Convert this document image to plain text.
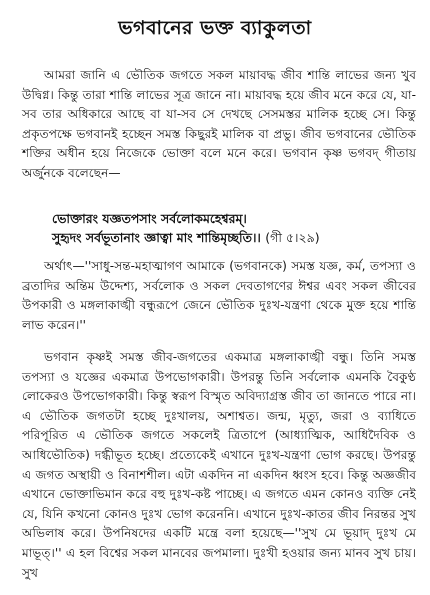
ভগবানের ভক্ত ব্যাকুলতা

আমরা জানি এ ভৌতিক জগতে সকল মায়াবদ্ধ জীব শান্তি লাভের জন্য খুব উদ্বিগ্ন। কিন্তু তারা শান্তি লাভের সূত্র জানে না। মায়াবদ্ধ হয়ে জীব মনে করে যে, যা-সব তার অধিকারে আছে বা যা-সব সে দেখছে সেসমস্তর মালিক হচ্ছে সে। কিন্তু প্রকৃতপক্ষে ভগবানই হচ্ছেন সমস্ত কিছুরই মালিক বা প্রভু। জীব ভগবানের ভৌতিক শক্তির অধীন হয়ে নিজেকে ভোক্তা বলে মনে করে। ভগবান কৃষ্ণ ভগবদ্ গীতায় অর্জুনকে বলেছেন—

ভোক্তারং যজ্ঞতপসাং সর্বলোকমহেশ্বরম্।

সুহৃদং সর্বভূতানাং জ্ঞাত্বা মাং শান্তিমৃচ্ছতি।। (গী ৫।২৯)

অর্থাৎ—''সাধু-সন্ত-মহাত্মাগণ আমাকে (ভগবানকে) সমস্ত যজ্ঞ, কর্ম, তপস্যা ও ব্রতাদির অন্তিম উদ্দেশ্য, সর্বলোক ও সকল দেবতাগণের ঈশ্বর এবং সকল জীবের উপকারী ও মঙ্গলাকাঙ্খী বন্ধুরূপে জেনে ভৌতিক দুঃখ-যন্ত্রণা থেকে মুক্ত হয়ে শান্তি লাভ করেন।''

ভগবান কৃষ্ণই সমস্ত জীব-জগতের একমাত্র মঙ্গলাকাঙ্খী বন্ধু। তিনি সমস্ত তপস্যা ও যজ্ঞের একমাত্র উপভোগকারী। উপরন্তু তিনি সর্বলোক এমনকি বৈকুণ্ঠ লোকেরও উপভোগকারী। কিন্তু স্বরূপ বিস্মৃত অবিদ্যাগ্রস্ত জীব তা জানতে পারে না। এ ভৌতিক জগতটা হচ্ছে দুঃখালয়, অশাশ্বত। জন্ম, মৃত্যু, জরা ও ব্যাধিতে পরিপূরিত এ ভৌতিক জগতে সকলেই ত্রিতাপে (আধ্যাত্মিক, আধিদৈবিক ও আধিভৌতিক) দগ্ধীভূত হচ্ছে। প্রত্যেকেই এখানে দুঃখ-যন্ত্রণা ভোগ করছে। উপরন্তু এ জগত অস্থায়ী ও বিনাশশীল। এটা একদিন না একদিন ধ্বংস হবে। কিন্তু অজ্ঞজীব এখানে ভোক্তাভিমান করে বহু দুঃখ-কষ্ট পাচ্ছে। এ জগতে এমন কোনও ব্যক্তি নেই যে, যিনি কখনো কোনও দুঃখ ভোগ করেননি। এখানে দুঃখ-কাতর জীব নিরন্তর সুখ অভিলাষ করে। উপনিষদের একটি মন্ত্রে বলা হয়েছে—''সুখ মে ভূয়াদ্ দুঃখ মে মাভূত্।'' এ হল বিশ্বের সকল মানবের জপমালা। দুঃখী হওয়ার জন্য মানব সুখ চায়। সুখ
